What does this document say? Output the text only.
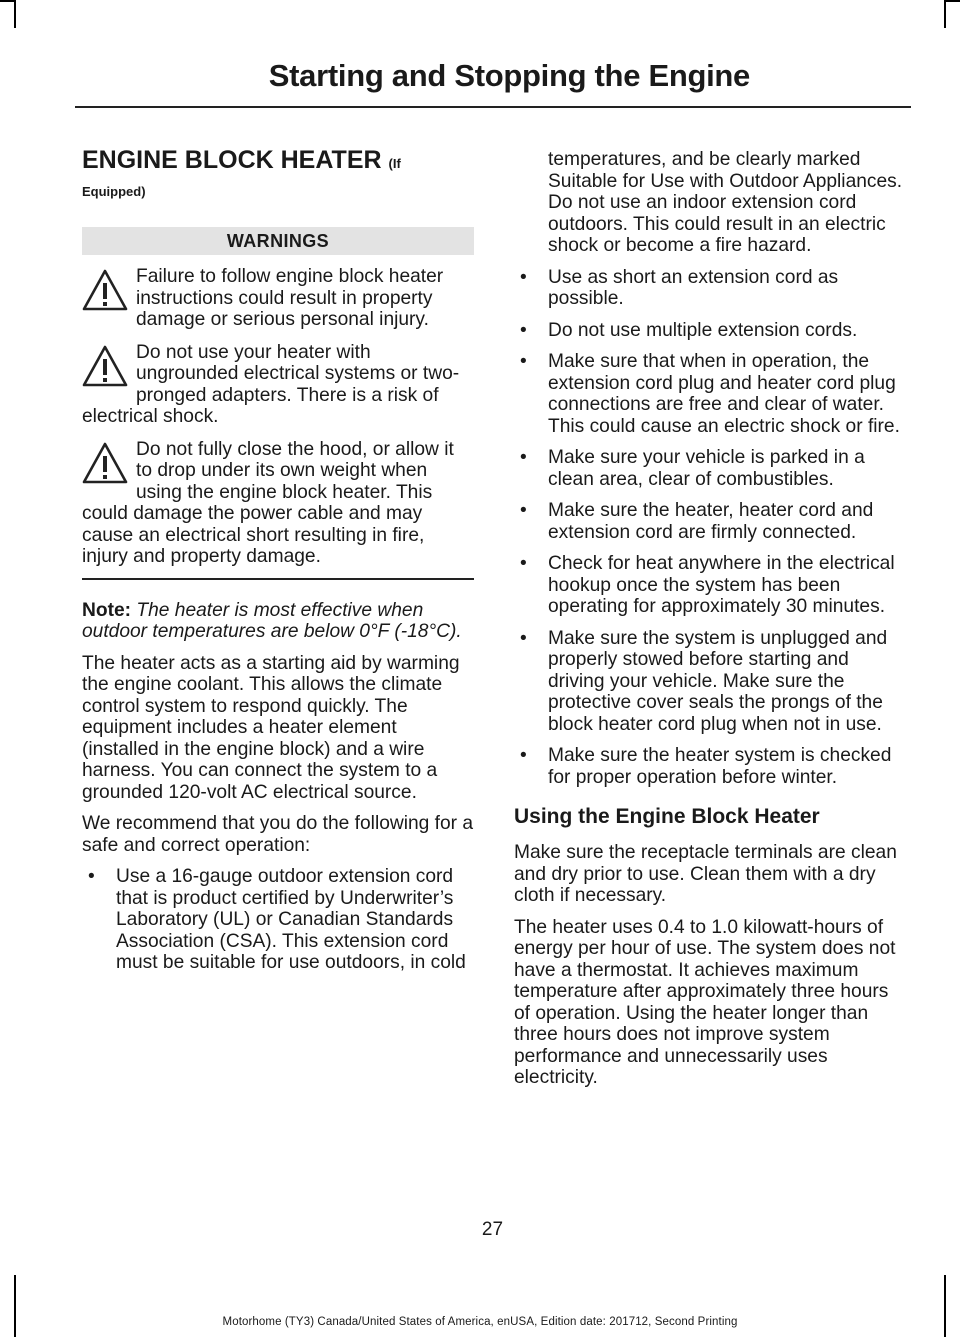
Starting and Stopping the Engine
ENGINE BLOCK HEATER (If
Equipped)
WARNINGS

Failure to follow engine block heater instructions could result in property damage or serious personal injury.

Do not use your heater with ungrounded electrical systems or two-pronged adapters. There is a risk of electrical shock.

Do not fully close the hood, or allow it to drop under its own weight when using the engine block heater. This could damage the power cable and may cause an electrical short resulting in fire, injury and property damage.

Note: The heater is most effective when outdoor temperatures are below 0°F (-18°C).

The heater acts as a starting aid by warming the engine coolant. This allows the climate control system to respond quickly. The equipment includes a heater element (installed in the engine block) and a wire harness. You can connect the system to a grounded 120-volt AC electrical source.

We recommend that you do the following for a safe and correct operation:

• Use a 16-gauge outdoor extension cord that is product certified by Underwriter’s Laboratory (UL) or Canadian Standards Association (CSA). This extension cord must be suitable for use outdoors, in cold
temperatures, and be clearly marked Suitable for Use with Outdoor Appliances. Do not use an indoor extension cord outdoors. This could result in an electric shock or become a fire hazard.
• Use as short an extension cord as possible.
• Do not use multiple extension cords.
• Make sure that when in operation, the extension cord plug and heater cord plug connections are free and clear of water. This could cause an electric shock or fire.
• Make sure your vehicle is parked in a clean area, clear of combustibles.
• Make sure the heater, heater cord and extension cord are firmly connected.
• Check for heat anywhere in the electrical hookup once the system has been operating for approximately 30 minutes.
• Make sure the system is unplugged and properly stowed before starting and driving your vehicle. Make sure the protective cover seals the prongs of the block heater cord plug when not in use.
• Make sure the heater system is checked for proper operation before winter.
Using the Engine Block Heater

Make sure the receptacle terminals are clean and dry prior to use. Clean them with a dry cloth if necessary.

The heater uses 0.4 to 1.0 kilowatt-hours of energy per hour of use. The system does not have a thermostat. It achieves maximum temperature after approximately three hours of operation. Using the heater longer than three hours does not improve system performance and unnecessarily uses electricity.

27
Motorhome (TY3) Canada/United States of America, enUSA, Edition date: 201712, Second Printing
